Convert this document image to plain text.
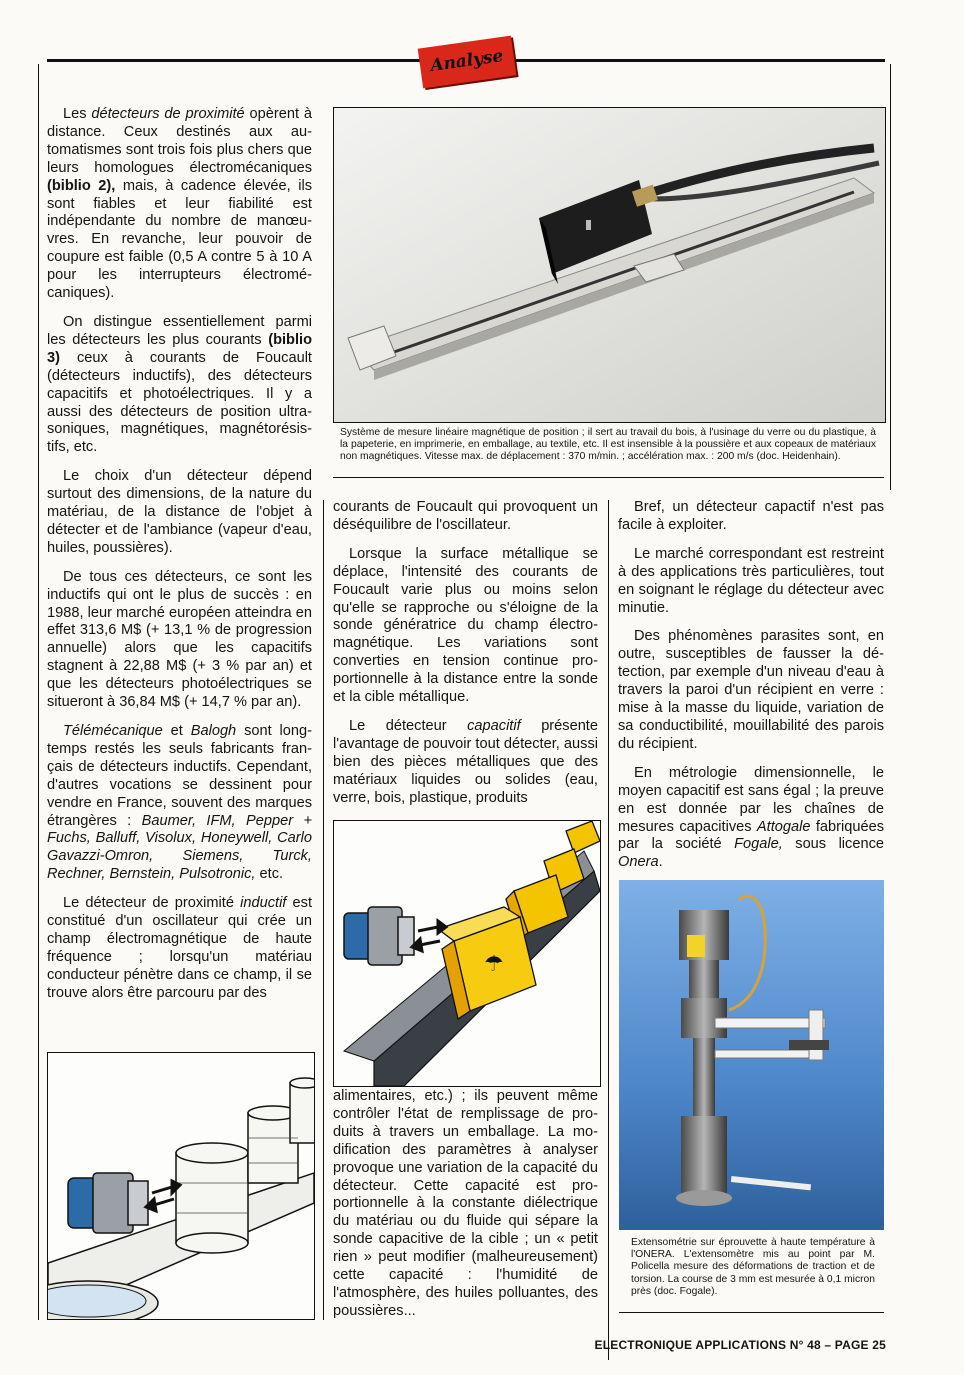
Analyse

Les détecteurs de proximité opèrent à distance. Ceux destinés aux automatismes sont trois fois plus chers que leurs homologues électromécaniques (biblio 2), mais, à cadence élevée, ils sont fiables et leur fiabilité est indépendante du nombre de manœuvres. En revanche, leur pouvoir de coupure est faible (0,5 A contre 5 à 10 A pour les interrupteurs électromécaniques).

On distingue essentiellement parmi les détecteurs les plus courants (biblio 3) ceux à courants de Foucault (détecteurs inductifs), des détecteurs capacitifs et photoélectriques. Il y a aussi des détecteurs de position ultrasoniques, magnétiques, magnétorésistifs, etc.

Le choix d'un détecteur dépend surtout des dimensions, de la nature du matériau, de la distance de l'objet à détecter et de l'ambiance (vapeur d'eau, huiles, poussières).

De tous ces détecteurs, ce sont les inductifs qui ont le plus de succès : en 1988, leur marché européen atteindra en effet 313,6 M$ (+ 13,1 % de progression annuelle) alors que les capacitifs stagnent à 22,88 M$ (+ 3 % par an) et que les détecteurs photoélectriques se situeront à 36,84 M$ (+ 14,7 % par an).

Télémécanique et Balogh sont longtemps restés les seuls fabricants français de détecteurs inductifs. Cependant, d'autres vocations se dessinent pour vendre en France, souvent des marques étrangères : Baumer, IFM, Pepper + Fuchs, Balluff, Visolux, Honeywell, Carlo Gavazzi-Omron, Siemens, Turck, Rechner, Bernstein, Pulsotronic, etc.

Le détecteur de proximité inductif est constitué d'un oscillateur qui crée un champ électromagnétique de haute fréquence ; lorsqu'un matériau conducteur pénètre dans ce champ, il se trouve alors être parcouru par des

Système de mesure linéaire magnétique de position ; il sert au travail du bois, à l'usinage du verre ou du plastique, à la papeterie, en imprimerie, en emballage, au textile, etc. Il est insensible à la poussière et aux copeaux de matériaux non magnétiques. Vitesse max. de déplacement : 370 m/min. ; accélération max. : 200 m/s (doc. Heidenhain).

courants de Foucault qui provoquent un déséquilibre de l'oscillateur.

Lorsque la surface métallique se déplace, l'intensité des courants de Foucault varie plus ou moins selon qu'elle se rapproche ou s'éloigne de la sonde génératrice du champ électromagnétique. Les variations sont converties en tension continue proportionnelle à la distance entre la sonde et la cible métallique.

Le détecteur capacitif présente l'avantage de pouvoir tout détecter, aussi bien des pièces métalliques que des matériaux liquides ou solides (eau, verre, bois, plastique, produits

☂

alimentaires, etc.) ; ils peuvent même contrôler l'état de remplissage de produits à travers un emballage. La modification des paramètres à analyser provoque une variation de la capacité du détecteur. Cette capacité est proportionnelle à la constante diélectrique du matériau ou du fluide qui sépare la sonde capacitive de la cible ; un « petit rien » peut modifier (malheureusement) cette capacité : l'humidité de l'atmosphère, des huiles polluantes, des poussières...

Bref, un détecteur capactif n'est pas facile à exploiter.

Le marché correspondant est restreint à des applications très particulières, tout en soignant le réglage du détecteur avec minutie.

Des phénomènes parasites sont, en outre, susceptibles de fausser la détection, par exemple d'un niveau d'eau à travers la paroi d'un récipient en verre : mise à la masse du liquide, variation de sa conductibilité, mouillabilité des parois du récipient.

En métrologie dimensionnelle, le moyen capacitif est sans égal ; la preuve en est donnée par les chaînes de mesures capacitives Attogale fabriquées par la société Fogale, sous licence Onera.

Extensométrie sur éprouvette à haute température à l'ONERA. L'extensomètre mis au point par M. Policella mesure des déformations de traction et de torsion. La course de 3 mm est mesurée à 0,1 micron près (doc. Fogale).
ELECTRONIQUE APPLICATIONS N° 48 – PAGE 25
